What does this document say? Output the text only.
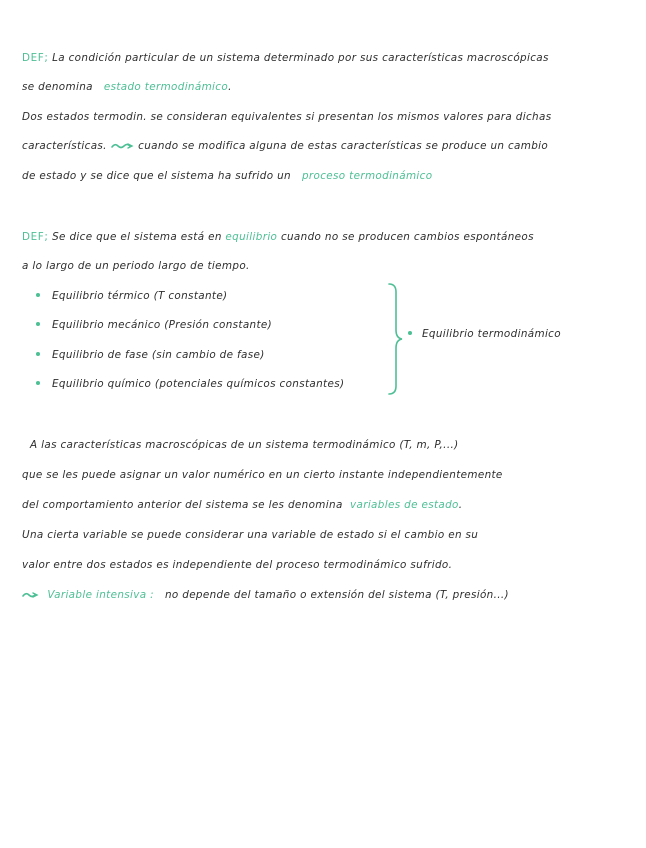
DEF; La condición particular de un sistema determinado por sus características macroscópicas
se denomina estado termodinámico.
Dos estados termodin. se consideran equivalentes si presentan los mismos valores para dichas
características.	cuando se modifica alguna de estas características se produce un cambio
de estado y se dice que el sistema ha sufrido un proceso termodinámico
DEF; Se dice que el sistema está en equilibrio cuando no se producen cambios espontáneos
a lo largo de un periodo largo de tiempo.
Equilibrio térmico (T constante)
Equilibrio mecánico (Presión constante)
Equilibrio de fase (sin cambio de fase)
Equilibrio químico (potenciales químicos constantes)
Equilibrio termodinámico
A las características macroscópicas de un sistema termodinámico (T, m, P,...)
que se les puede asignar un valor numérico en un cierto instante independientemente
del comportamiento anterior del sistema se les denomina variables de estado.
Una cierta variable se puede considerar una variable de estado si el cambio en su
valor entre dos estados es independiente del proceso termodinámico sufrido.
Variable intensiva : no depende del tamaño o extensión del sistema (T, presión...)
